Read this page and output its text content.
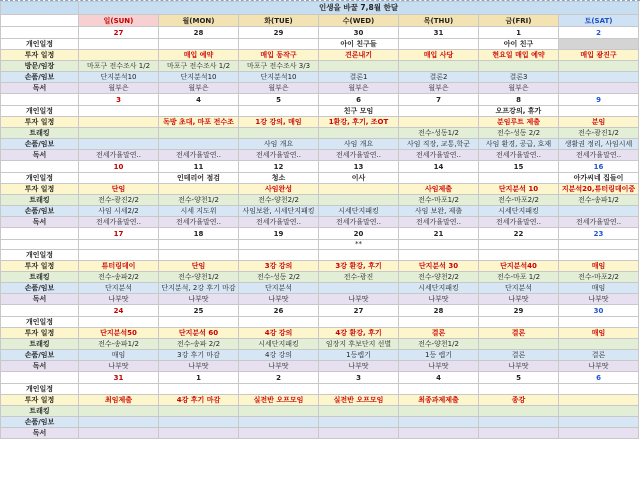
	인생을 바꿀 7,8월 한달						
	일(SUN)	월(MON)	화(TUE)	수(WED)	목(THU)	금(FRI)	토(SAT)
	27	28	29	30	31	1	2
개인일정				아이 친구들		아이 친구	
투자 일정		매입 예약	매입 동작구	견론내기	매입 사당	현요일 매입 예약	매입 광진구
방문/임장	마포구 전수조사 1/2	마포구 전수조사 1/2	마포구 전수조사 3/3				
손품/임보	단지분석10	단지분석10	단지분석10	결론1	결론2	결론3	
독서	월부은	월부은	월부은	월부은	월부은	월부은	
	3	4	5	6	7	8	9
개인일정				친구 모임		오프강의, 휴가	
투자 일정		독방 초대, 마포 전수조	1강 강의, 매임	1환강, 후기, 조OT		분임루트 제출	분임
트래킹					전수-성동1/2	전수-성동 2/2	전수-광진1/2
손품/임보			사임 개요	사임 개요	사임 직장, 교통,학군	사임 환경, 공급, 호재	생활권 정리, 사임시세
독서	전세가율말연..	전세가율말연..	전세가율말연..	전세가율말연..	전세가율말연..	전세가율말연..	전세가율말연..
	10	11	12	13	14	15	16
개인일정		인테리어 점검	청소	이사			아가씨네 집들이
투자 일정	단임		사임완성		사임제출	단지분석 10	지분석20,튜터링데이중
트래킹	전수-광진2/2	전수-양천1/2	전수-양천2/2		전수-마포1/2	전수-마포2/2	전수-송파1/2
손품/임보	사임 시세2/2	시세 지도위	사임보완, 시세단지패킹	시세단지패킹	사임 보완, 제출	시세단지패킹	
독서	전세가율말연..	전세가율말연..	전세가율말연..	전세가율말연..	전세가율말연..	전세가율말연..	전세가율말연..
	17	18	19	20	21	22	23
				**			
개인일정							
투자 일정	튜터링데이	단임	3강 강의	3강 환강, 후기	단지분석 30	단지분석40	매임
트래킹	전수-송파2/2	전수-양천1/2	전수-성동 2/2	전수-광진	전수-양천2/2	전수-마포 1/2	전수-마포2/2
손품/임보	단지분석	단지분석, 2강 후기 마감	단지분석		시세단지패킹	단지분석	매임
독서	나부땃	나부땃	나부땃	나부땃	나부땃	나부땃	나부땃
	24	25	26	27	28	29	30
개인일정							
투자 일정	단지분석50	단지분석 60	4강 강의	4강 환강, 후기	결론	결론	매임
트래킹	전수-송파1/2	전수-송파 2/2	시세단지패킹	임장지 후보단지 선별	전수-양천1/2		
손품/임보	매임	3강 후기 마감	4강 강의	1등렙기	1등 렙기	결론	결론
독서	나부땃	나부땃	나부땃	나부땃	나부땃	나부땃	나부땃
	31	1	2	3	4	5	6
개인일정							
투자 일정	최임제출	4강 후기 마감	실전반 오프모임	실전반 오프모임	최종과제제출	종강	
트래킹							
손품/임보							
독서							
